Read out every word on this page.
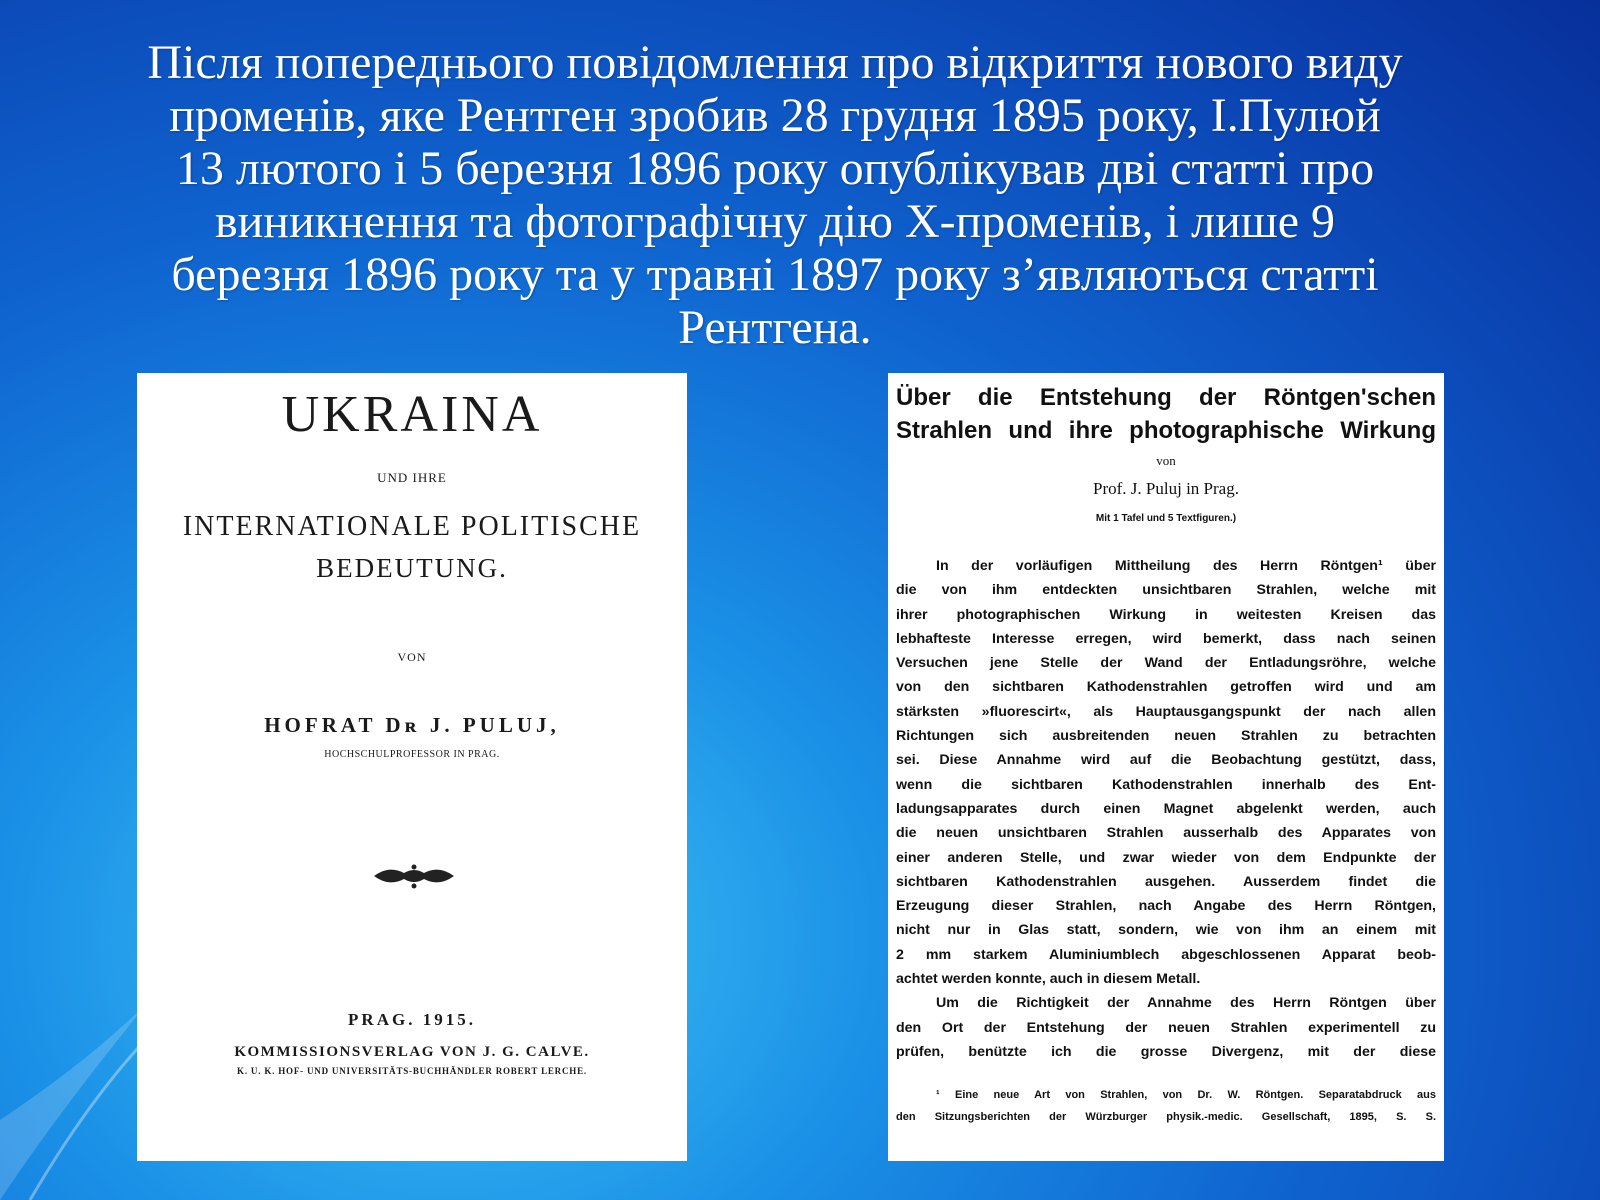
Після попереднього повідомлення про відкриття нового виду
променів, яке Рентген зробив 28 грудня 1895 року, І.Пулюй
13 лютого і 5 березня 1896 року опублікував дві статті про
виникнення та фотографічну дію Х-променів, і лише 9
березня 1896 року та у травні 1897 року з’являються статті
Рентгена.
UKRAINA
UND IHRE
INTERNATIONALE POLITISCHE
BEDEUTUNG.
VON
HOFRAT Dʀ J. PULUJ,
HOCHSCHULPROFESSOR IN PRAG.
PRAG. 1915.
KOMMISSIONSVERLAG VON J. G. CALVE.
K. U. K. HOF- UND UNIVERSITÄTS-BUCHHÄNDLER ROBERT LERCHE.
Über die Entstehung der Röntgen'schen
Strahlen und ihre photographische Wirkung
von
Prof. J. Puluj in Prag.
Mit 1 Tafel und 5 Textfiguren.)
In der vorläufigen Mittheilung des Herrn Röntgen¹ über
die von ihm entdeckten unsichtbaren Strahlen, welche mit
ihrer photographischen Wirkung in weitesten Kreisen das
lebhafteste Interesse erregen, wird bemerkt, dass nach seinen
Versuchen jene Stelle der Wand der Entladungsröhre, welche
von den sichtbaren Kathodenstrahlen getroffen wird und am
stärksten »fluorescirt«, als Hauptausgangspunkt der nach allen
Richtungen sich ausbreitenden neuen Strahlen zu betrachten
sei. Diese Annahme wird auf die Beobachtung gestützt, dass,
wenn die sichtbaren Kathodenstrahlen innerhalb des Ent-
ladungsapparates durch einen Magnet abgelenkt werden, auch
die neuen unsichtbaren Strahlen ausserhalb des Apparates von
einer anderen Stelle, und zwar wieder von dem Endpunkte der
sichtbaren Kathodenstrahlen ausgehen. Ausserdem findet die
Erzeugung dieser Strahlen, nach Angabe des Herrn Röntgen,
nicht nur in Glas statt, sondern, wie von ihm an einem mit
2 mm starkem Aluminiumblech abgeschlossenen Apparat beob-
achtet werden konnte, auch in diesem Metall.
Um die Richtigkeit der Annahme des Herrn Röntgen über
den Ort der Entstehung der neuen Strahlen experimentell zu
prüfen, benützte ich die grosse Divergenz, mit der diese
¹ Eine neue Art von Strahlen, von Dr. W. Röntgen. Separatabdruck aus
den Sitzungsberichten der Würzburger physik.-medic. Gesellschaft, 1895, S. S.
